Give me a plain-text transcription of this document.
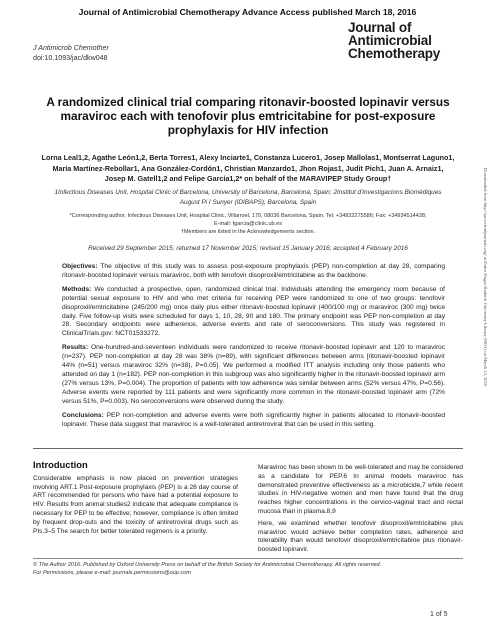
Journal of Antimicrobial Chemotherapy Advance Access published March 18, 2016
J Antimicrob Chemother
doi:10.1093/jac/dkw048
Journal of
Antimicrobial
Chemotherapy
A randomized clinical trial comparing ritonavir-boosted lopinavir versus maraviroc each with tenofovir plus emtricitabine for post-exposure prophylaxis for HIV infection
Lorna Leal1,2, Agathe León1,2, Berta Torres1, Alexy Inciarte1, Constanza Lucero1, Josep Mallolas1, Montserrat Laguno1,
María Martínez-Rebollar1, Ana González-Cordón1, Christian Manzardo1, Jhon Rojas1, Judit Pich1, Juan A. Arnaiz1,
Josep M. Gatell1,2 and Felipe García1,2* on behalf of the MARAVIPEP Study Group†
1Infectious Diseases Unit, Hospital Clinic of Barcelona, University of Barcelona, Barcelona, Spain; 2Institut d'Investigacions Biomèdiques
August Pi I Sunyer (IDIBAPS), Barcelona, Spain
*Corresponding author. Infectious Diseases Unit, Hospital Clinic, Villarroel, 170, 08036 Barcelona, Spain. Tel: +34932275586; Fax: +34934514438;
E-mail: fgarcia@clinic.ub.es
†Members are listed in the Acknowledgements section.
Received 29 September 2015; returned 17 November 2015; revised 15 January 2016; accepted 4 February 2016

Objectives: The objective of this study was to assess post-exposure prophylaxis (PEP) non-completion at day 28, comparing ritonavir-boosted lopinavir versus maraviroc, both with tenofovir disoproxil/emtricitabine as the backbone.

Methods: We conducted a prospective, open, randomized clinical trial. Individuals attending the emergency room because of potential sexual exposure to HIV and who met criteria for receiving PEP were randomized to one of two groups: tenofovir disoproxil/emtricitabine (245/200 mg) once daily plus either ritonavir-boosted lopinavir (400/100 mg) or maraviroc (300 mg) twice daily. Five follow-up visits were scheduled for days 1, 10, 28, 90 and 180. The primary endpoint was PEP non-completion at day 28. Secondary endpoints were adherence, adverse events and rate of seroconversions. This study was registered in ClinicalTrials.gov: NCT01533272.

Results: One-hundred-and-seventeen individuals were randomized to receive ritonavir-boosted lopinavir and 120 to maraviroc (n=237). PEP non-completion at day 28 was 38% (n=89), with significant differences between arms [ritonavir-boosted lopinavir 44% (n=51) versus maraviroc 32% (n=38), P=0.05]. We performed a modified ITT analysis including only those patients who attended on day 1 (n=182). PEP non-completion in this subgroup was also significantly higher in the ritonavir-boosted lopinavir arm (27% versus 13%, P=0.004). The proportion of patients with low adherence was similar between arms (52% versus 47%, P=0.56). Adverse events were reported by 111 patients and were significantly more common in the ritonavir-boosted lopinavir arm (72% versus 51%, P=0.003). No seroconversions were observed during the study.

Conclusions: PEP non-completion and adverse events were both significantly higher in patients allocated to ritonavir-boosted lopinavir. These data suggest that maraviroc is a well-tolerated antiretroviral that can be used in this setting.

Introduction

Considerable emphasis is now placed on prevention strategies involving ART.1 Post-exposure prophylaxis (PEP) is a 28 day course of ART recommended for persons who have had a potential exposure to HIV. Results from animal studies2 indicate that adequate compliance is necessary for PEP to be effective; however, compliance is often limited by frequent drop-outs and the toxicity of antiretroviral drugs such as PIs.3–5 The search for better tolerated regimens is a priority.

Maraviroc has been shown to be well-tolerated and may be considered as a candidate for PEP.6 In animal models maraviroc has demonstrated preventive effectiveness as a microbicide,7 while recent studies in HIV-negative women and men have found that the drug reaches higher concentrations in the cervico-vaginal tract and rectal mucosa than in plasma.8,9

Here, we examined whether tenofovir disoproxil/emtricitabine plus maraviroc would achieve better completion rates, adherence and tolerability than would tenofovir disoproxil/emtricitabine plus ritonavir-boosted lopinavir.

© The Author 2016. Published by Oxford University Press on behalf of the British Society for Antimicrobial Chemotherapy. All rights reserved.
For Permissions, please e-mail: journals.permissions@oup.com
1 of 5
Downloaded from http://jac.oxfordjournals.org/ at Dulce Dugas Hadnoft University Library (0031) on March 23, 2016
